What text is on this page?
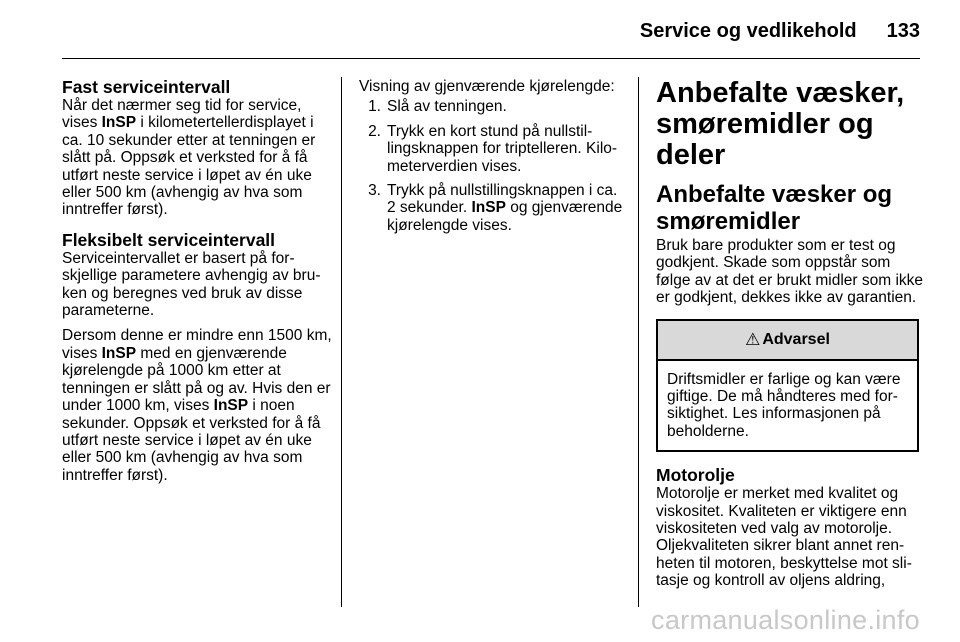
Service og vedlikehold 133
Fast serviceintervall

Når det nærmer seg tid for service, vises InSP i kilometertellerdisplayet i ca. 10 sekunder etter at tenningen er slått på. Oppsøk et verksted for å få utført neste service i løpet av én uke eller 500 km (avhengig av hva som inntreffer først).

Fleksibelt serviceintervall

Serviceintervallet er basert på forskjellige parametere avhengig av bruken og beregnes ved bruk av disse parameterne.

Dersom denne er mindre enn 1500 km, vises InSP med en gjenværende kjørelengde på 1000 km etter at tenningen er slått på og av. Hvis den er under 1000 km, vises InSP i noen sekunder. Oppsøk et verksted for å få utført neste service i løpet av én uke eller 500 km (avhengig av hva som inntreffer først).

Visning av gjenværende kjørelengde:

1. Slå av tenningen.
2. Trykk en kort stund på nullstillingsknappen for triptelleren. Kilometerverdien vises.
3. Trykk på nullstillingsknappen i ca. 2 sekunder. InSP og gjenværende kjørelengde vises.
Anbefalte væsker, smøremidler og deler
Anbefalte væsker og smøremidler

Bruk bare produkter som er test og godkjent. Skade som oppstår som følge av at det er brukt midler som ikke er godkjent, dekkes ikke av garantien.

⚠ Advarsel
Driftsmidler er farlige og kan være giftige. De må håndteres med forsiktighet. Les informasjonen på beholderne.
Motorolje

Motorolje er merket med kvalitet og viskositet. Kvaliteten er viktigere enn viskositeten ved valg av motorolje. Oljekvaliteten sikrer blant annet renheten til motoren, beskyttelse mot slitasje og kontroll av oljens aldring,

carmanualsonline.info
